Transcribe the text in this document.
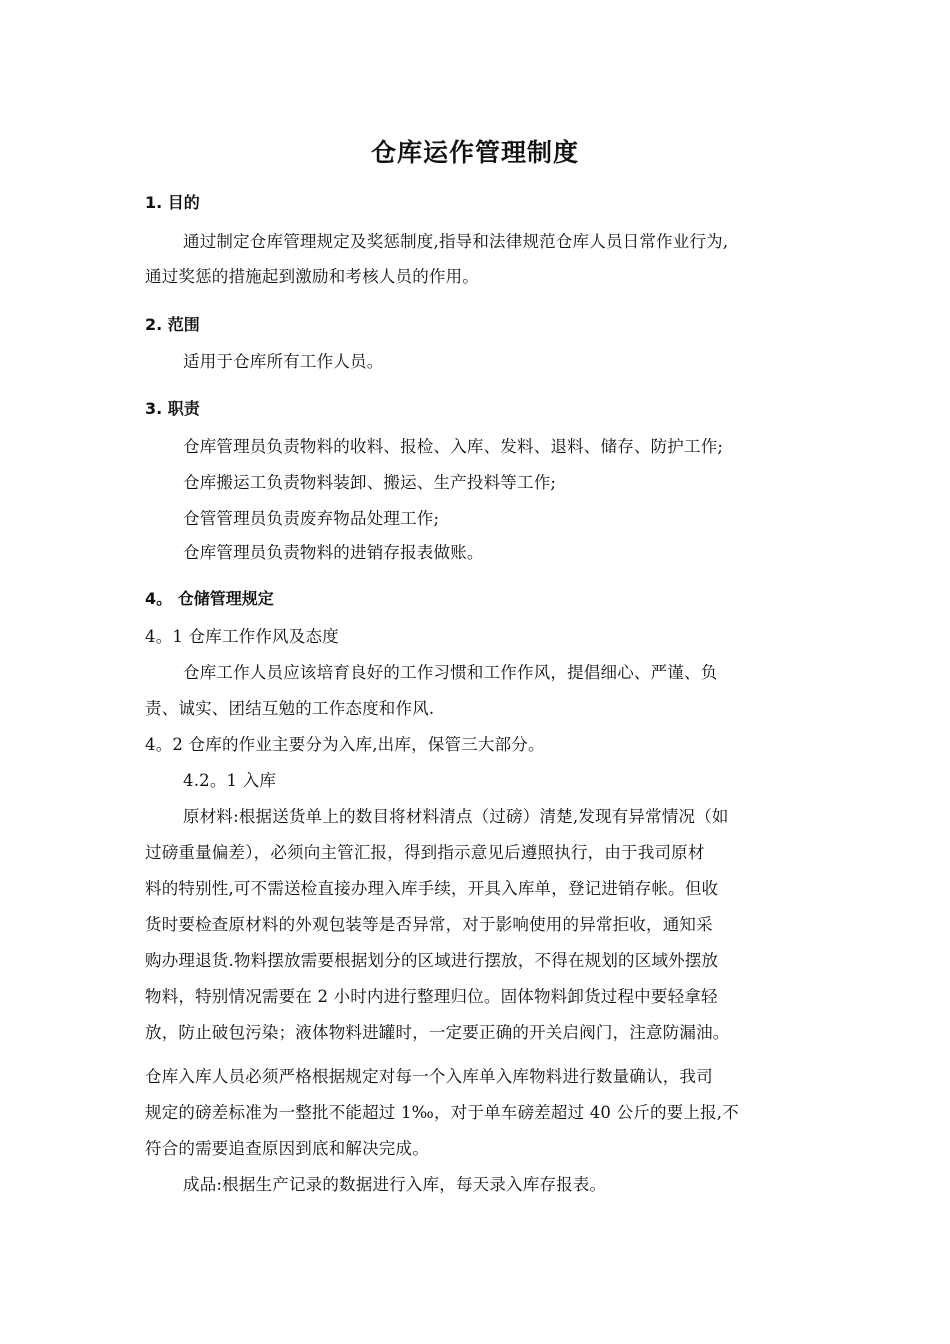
仓库运作管理制度
1. 目的
通过制定仓库管理规定及奖惩制度,指导和法律规范仓库人员日常作业行为,
通过奖惩的措施起到激励和考核人员的作用。
2. 范围
适用于仓库所有工作人员。
3. 职责
仓库管理员负责物料的收料、报检、入库、发料、退料、储存、防护工作;
仓库搬运工负责物料装卸、搬运、生产投料等工作;
仓管管理员负责废弃物品处理工作;
仓库管理员负责物料的进销存报表做账。
4。 仓储管理规定
4。1 仓库工作作风及态度
仓库工作人员应该培育良好的工作习惯和工作作风，提倡细心、严谨、负
责、诚实、团结互勉的工作态度和作风.
4。2 仓库的作业主要分为入库,出库，保管三大部分。
4.2。1 入库
原材料:根据送货单上的数目将材料清点（过磅）清楚,发现有异常情况（如
过磅重量偏差），必须向主管汇报，得到指示意见后遵照执行，由于我司原材
料的特别性,可不需送检直接办理入库手续，开具入库单，登记进销存帐。但收
货时要检查原材料的外观包装等是否异常，对于影响使用的异常拒收，通知采
购办理退货.物料摆放需要根据划分的区域进行摆放，不得在规划的区域外摆放
物料，特别情况需要在 2 小时内进行整理归位。固体物料卸货过程中要轻拿轻
放，防止破包污染；液体物料进罐时，一定要正确的开关启阀门，注意防漏油。
仓库入库人员必须严格根据规定对每一个入库单入库物料进行数量确认，我司
规定的磅差标准为一整批不能超过 1‰，对于单车磅差超过 40 公斤的要上报,不
符合的需要追查原因到底和解决完成。
成品:根据生产记录的数据进行入库，每天录入库存报表。
